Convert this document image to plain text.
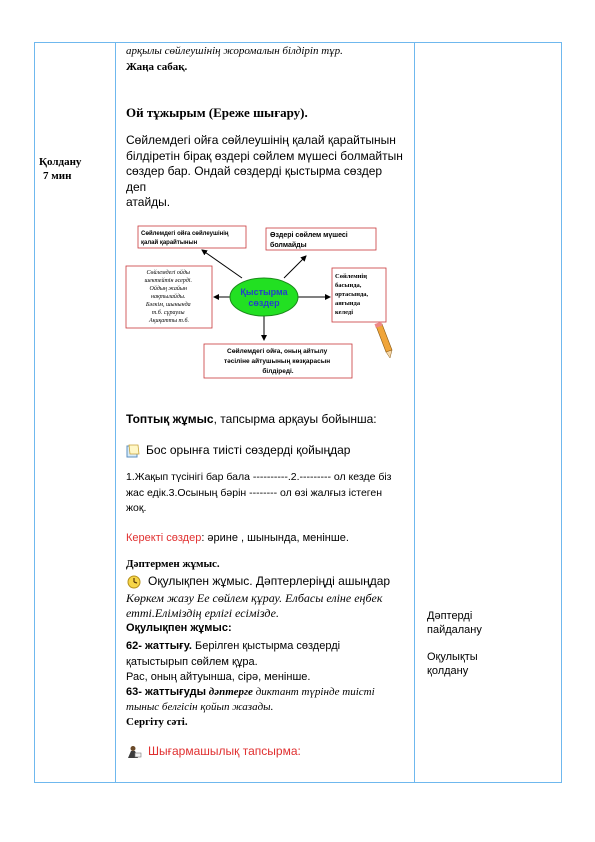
Қолдану
7 мин
Дәптерді
пайдалану
Оқулықты
қолдану
арқылы сөйлеушінің жоромалын білдіріп тұр.
Жаңа сабақ.
Ой тұжырым (Ереже шығару).
Сөйлемдегі ойға сөйлеушінің қалай қарайтынын
білдіретін бірақ өздері сөйлем мүшесі болмайтын
сөздер бар. Ондай сөздерді қыстырма сөздер деп
атайды.
Топтық жұмыс, тапсырма арқауы бойынша:
Бос орынға тиісті сөздерді қойыңдар
1.Жақып түсінігі бар бала ----------.2.--------- ол кезде біз
жас едік.3.Осының бәрін -------- ол өзі жалғыз істеген
жоқ.
Керекті сөздер: әрине , шынында, менінше.
Дәптермен жұмыс.
Оқулықпен жұмыс. Дәптерлеріңді ашыңдар
Көркем жазу Ее сөйлем құрау. Елбасы еліне еңбек
етті.Еліміздің ерлігі есімізде.
Оқулықпен жұмыс:
62- жаттығу. Берілген қыстырма сөздерді
қатыстырып сөйлем құра.
Рас, оның айтуынша, сірә, менінше.
63- жаттығуды дәптерге диктант түрінде тиісті
тыныс белгісін қойып жазады.
Сергіту сәті.
Шығармашылық тапсырма:
Қыстырма
сөздер
Сөйлемдегі ойға сөйлеушінің қалай қарайтынын
Өздері сөйлем мүшесі болмайды
Сөйлемдегі ойды шектейтін әсерді. Ойдың жайын нақтылайды. Бәлкім, шынында т.б. сұраулы Ақиқатты т.б.
Сөйлемнің басында, ортасында, аяғында келеді
Сөйлемдегі ойға, оның айтылу тәсіліне айтушының көзқарасын білдіреді.
